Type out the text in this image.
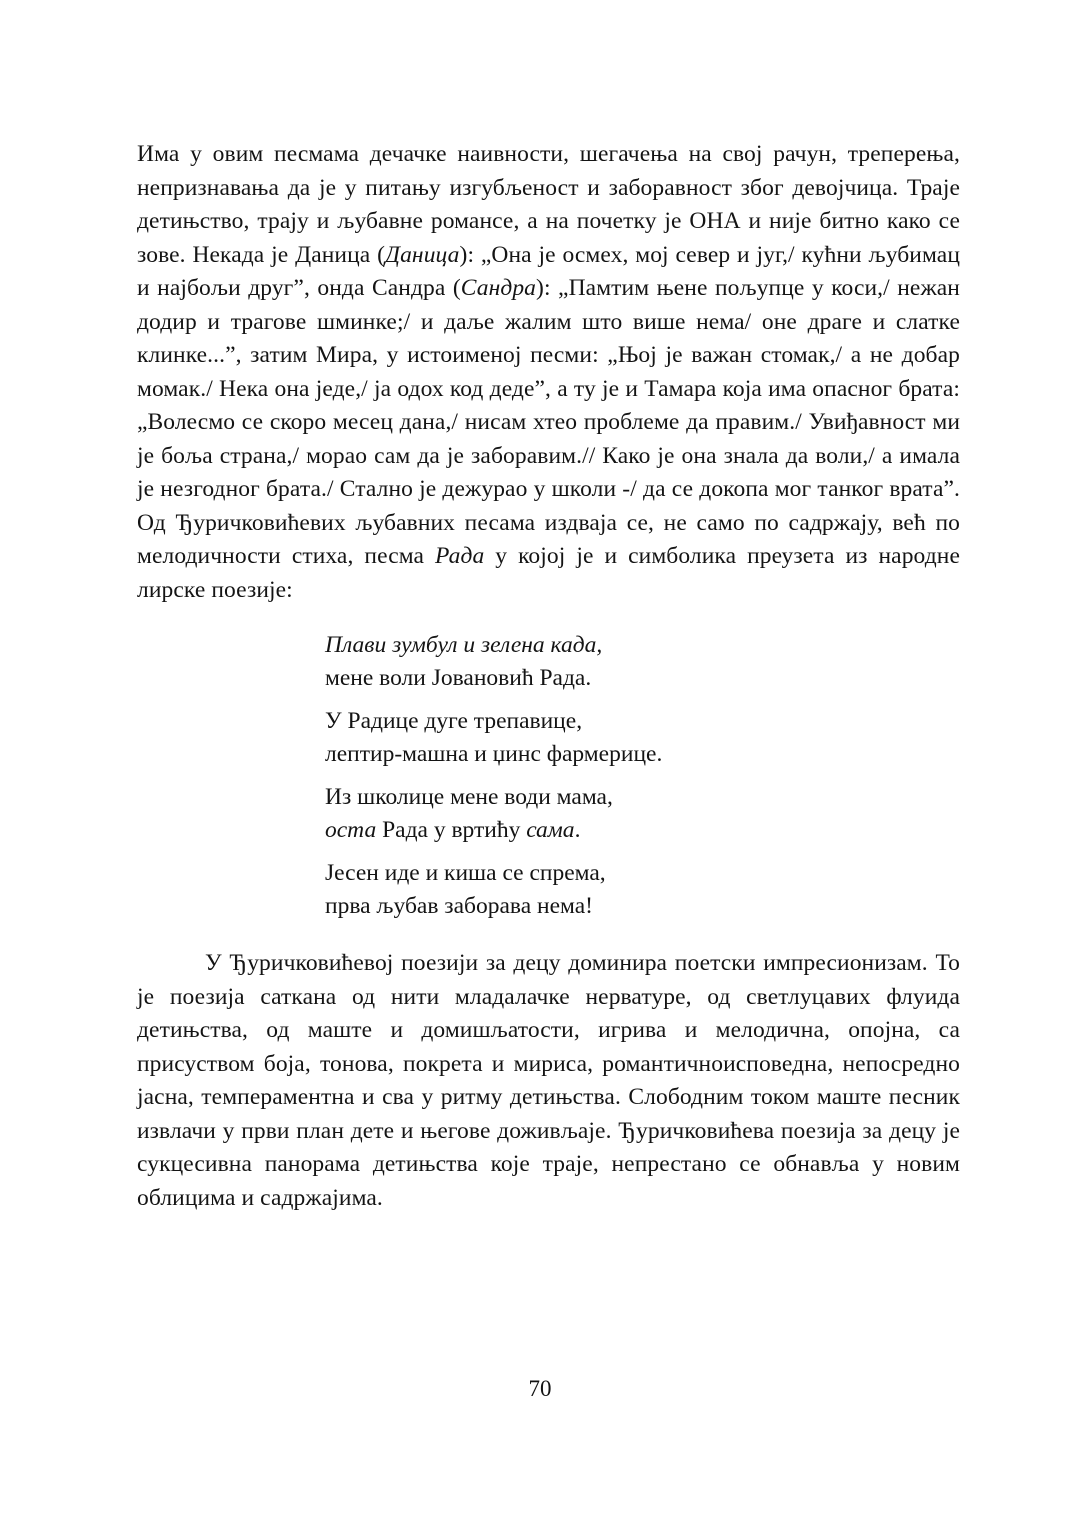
Има у овим песмама дечачке наивности, шегачења на свој рачун, треперења, непризнавања да је у питању изгубљеност и заборавност због девојчица. Траје детињство, трају и љубавне романсе, а на почетку је ОНА и није битно како се зове. Некада је Даница (Даница): „Она је осмех, мој север и југ,/ кућни љубимац и најбољи друг”, онда Сандра (Сандра): „Памтим њене пољупце у коси,/ нежан додир и трагове шминке;/ и даље жалим што више нема/ оне драге и слатке клинке...”, затим Мира, у истоименој песми: „Њој је важан стомак,/ а не добар момак./ Нека она једе,/ ја одох код деде”, а ту је и Тамара која има опасног брата: „Волесмо се скоро месец дана,/ нисам хтео проблеме да правим./ Увиђавност ми је боља страна,/ морао сам да је заборавим.// Како је она знала да воли,/ а имала је незгодног брата./ Стално је дежурао у школи -/ да се докопа мог танког врата”. Од Ђуричковићевих љубавних песама издваја се, не само по садржају, већ по мелодичности стиха, песма Рада у којој је и симболика преузета из народне лирске поезије:

Плави зумбул и зелена када,
мене воли Јовановић Рада.
У Радице дуге трепавице,
лептир-машна и џинс фармерице.
Из школице мене води мама,
оста Рада у вртићу сама.
Јесен иде и киша се спрема,
прва љубав заборава нема!

У Ђуричковићевој поезији за децу доминира поетски импресионизам. То је поезија саткана од нити младалачке нерватуре, од светлуцавих флуида детињства, од маште и домишљатости, игрива и мелодична, опојна, са присуством боја, тонова, покрета и мириса, романтичноисповедна, непосредно јасна, темпераментна и сва у ритму детињства. Слободним током маште песник извлачи у први план дете и његове доживљаје. Ђуричковићева поезија за децу је сукцесивна панорама детињства које траје, непрестано се обнавља у новим облицима и садржајима.

70
